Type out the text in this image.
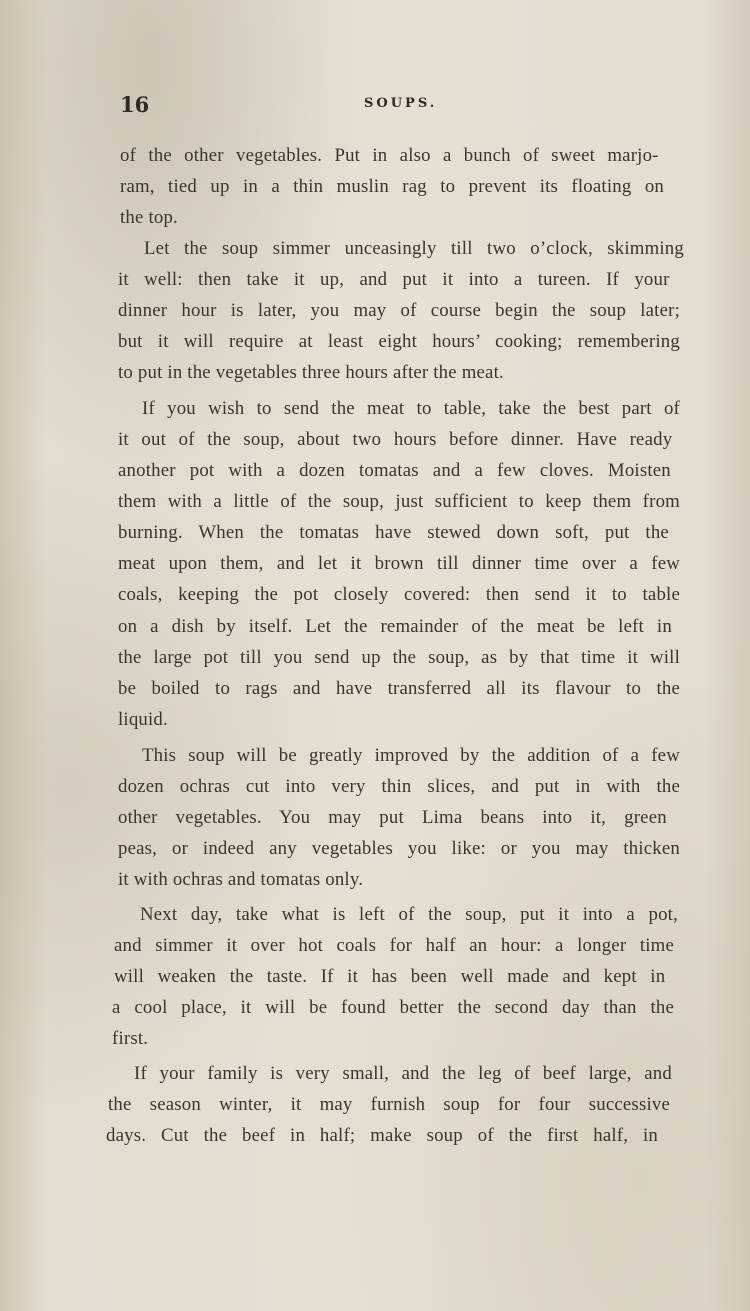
16	SOUPS.
of the other vegetables. Put in also a bunch of sweet marjo-
ram, tied up in a thin muslin rag to prevent its floating on
the top.
Let the soup simmer unceasingly till two o’clock, skimming
it well: then take it up, and put it into a tureen. If your
dinner hour is later, you may of course begin the soup later;
but it will require at least eight hours’ cooking; remembering
to put in the vegetables three hours after the meat.
If you wish to send the meat to table, take the best part of
it out of the soup, about two hours before dinner. Have ready
another pot with a dozen tomatas and a few cloves. Moisten
them with a little of the soup, just sufficient to keep them from
burning. When the tomatas have stewed down soft, put the
meat upon them, and let it brown till dinner time over a few
coals, keeping the pot closely covered: then send it to table
on a dish by itself. Let the remainder of the meat be left in
the large pot till you send up the soup, as by that time it will
be boiled to rags and have transferred all its flavour to the
liquid.
This soup will be greatly improved by the addition of a few
dozen ochras cut into very thin slices, and put in with the
other vegetables. You may put Lima beans into it, green
peas, or indeed any vegetables you like: or you may thicken
it with ochras and tomatas only.
Next day, take what is left of the soup, put it into a pot,
and simmer it over hot coals for half an hour: a longer time
will weaken the taste. If it has been well made and kept in
a cool place, it will be found better the second day than the
first.
If your family is very small, and the leg of beef large, and
the season winter, it may furnish soup for four successive
days. Cut the beef in half; make soup of the first half, in
